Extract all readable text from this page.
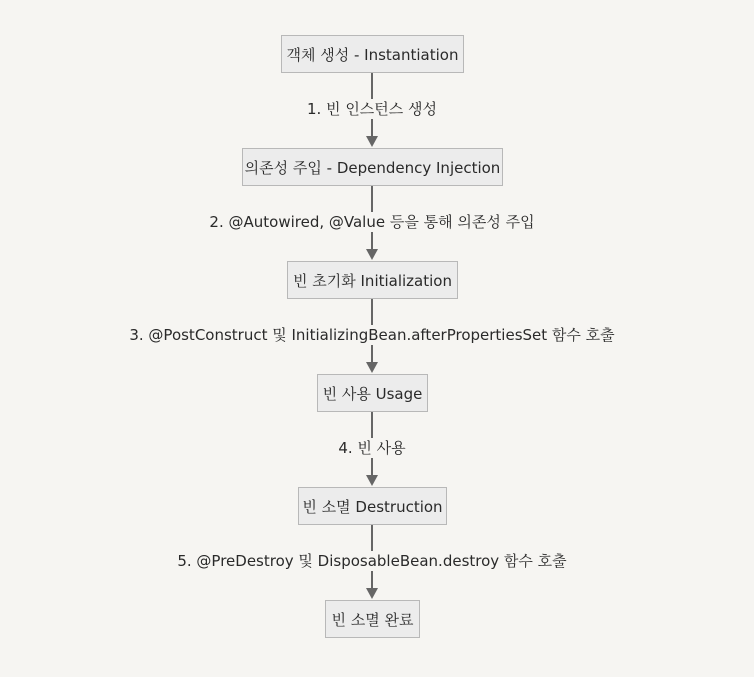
객체 생성 - Instantiation
의존성 주입 - Dependency Injection
빈 초기화 Initialization
빈 사용 Usage
빈 소멸 Destruction
빈 소멸 완료
1. 빈 인스턴스 생성
2. @Autowired, @Value 등을 통해 의존성 주입
3. @PostConstruct 및 InitializingBean.afterPropertiesSet 함수 호출
4. 빈 사용
5. @PreDestroy 및 DisposableBean.destroy 함수 호출
